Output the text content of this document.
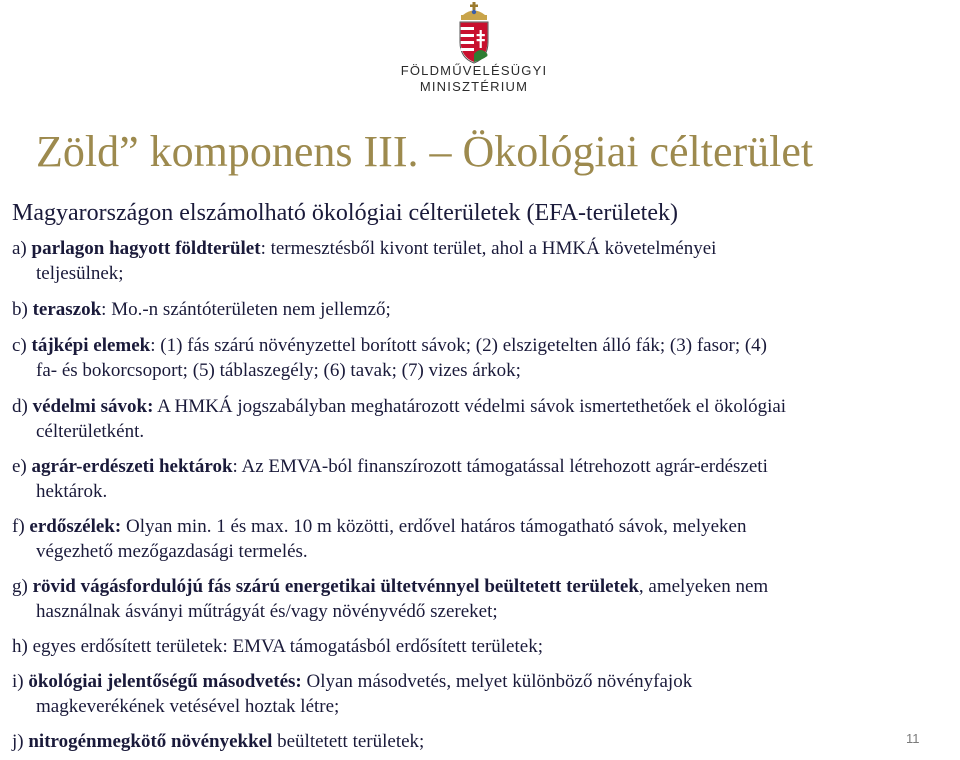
FÖLDMŰVELÉSÜGYI
MINISZTÉRIUM
Zöld” komponens III. – Ökológiai célterület
Magyarországon elszámolható ökológiai célterületek (EFA-területek)

a) parlagon hagyott földterület: termesztésből kivont terület, ahol a HMKÁ követelményei
teljesülnek;

b) teraszok: Mo.-n szántóterületen nem jellemző;

c) tájképi elemek: (1) fás szárú növényzettel borított sávok; (2) elszigetelten álló fák; (3) fasor; (4)
fa- és bokorcsoport; (5) táblaszegély; (6) tavak; (7) vizes árkok;

d) védelmi sávok: A HMKÁ jogszabályban meghatározott védelmi sávok ismertethetőek el ökológiai
célterületként.

e) agrár-erdészeti hektárok: Az EMVA-ból finanszírozott támogatással létrehozott agrár-erdészeti
hektárok.

f) erdőszélek: Olyan min. 1 és max. 10 m közötti, erdővel határos támogatható sávok, melyeken
végezhető mezőgazdasági termelés.

g) rövid vágásfordulójú fás szárú energetikai ültetvénnyel beültetett területek, amelyeken nem
használnak ásványi műtrágyát és/vagy növényvédő szereket;

h) egyes erdősített területek: EMVA támogatásból erdősített területek;

i) ökológiai jelentőségű másodvetés: Olyan másodvetés, melyet különböző növényfajok
magkeverékének vetésével hoztak létre;

j) nitrogénmegkötő növényekkel beültetett területek;	11
